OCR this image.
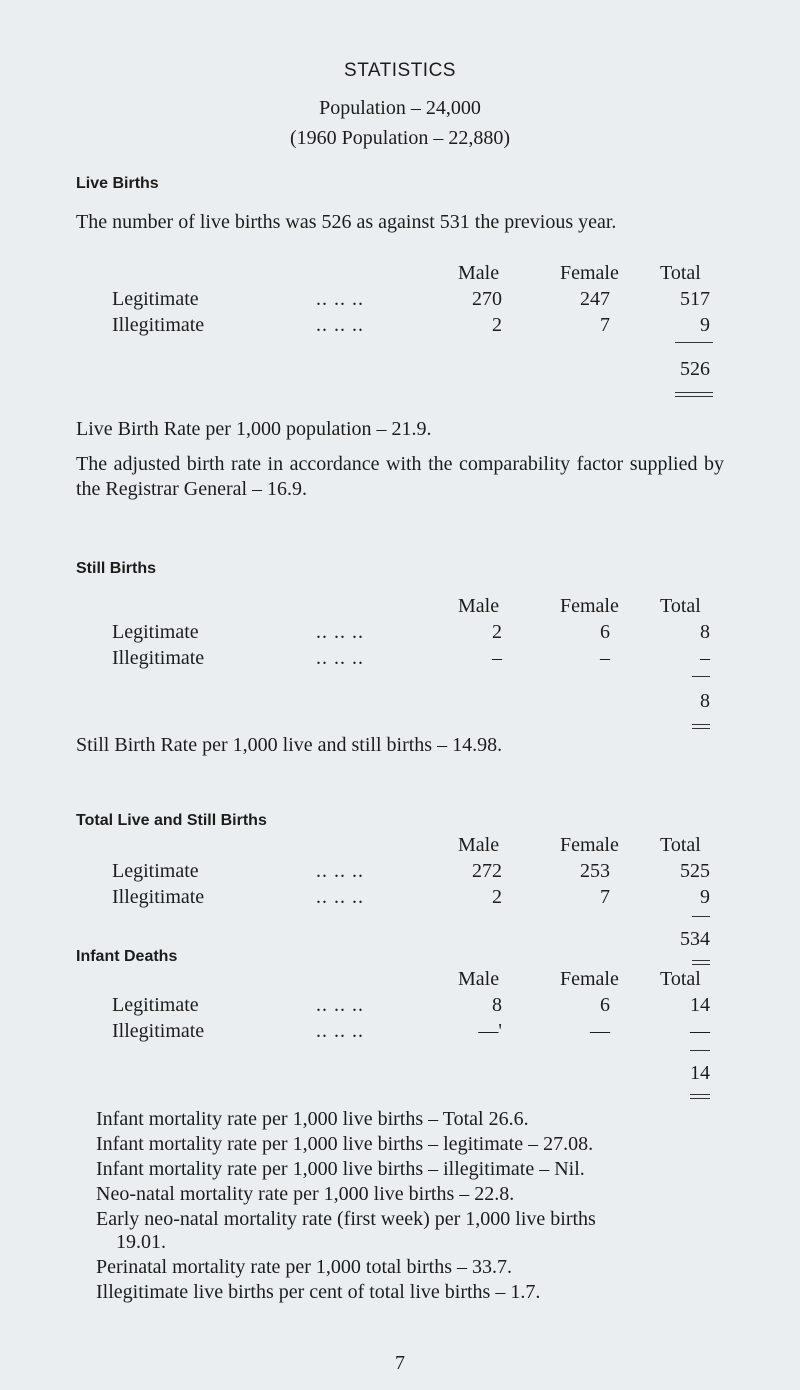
STATISTICS
Population – 24,000
(1960 Population – 22,880)
Live Births
The number of live births was 526 as against 531 the previous year.
Male	Female Total
Legitimate	.. .. ..	270	247	517
Illegitimate	.. .. ..	2	7	9
526
Live Birth Rate per 1,000 population – 21.9.
The adjusted birth rate in accordance with the comparability factor supplied by the Registrar General – 16.9.
Still Births
Male	Female Total
Legitimate	.. .. ..	2	6	8
Illegitimate	.. .. ..	–	–	–
8
Still Birth Rate per 1,000 live and still births – 14.98.
Total Live and Still Births
Male	Female Total
Legitimate	.. .. ..	272	253	525
Illegitimate	.. .. ..	2	7	9
534
Infant Deaths
Male	Female Total
Legitimate	.. .. ..	8	6	14
Illegitimate	.. .. ..	—'	—	—
14
Infant mortality rate per 1,000 live births – Total 26.6.
Infant mortality rate per 1,000 live births – legitimate – 27.08.
Infant mortality rate per 1,000 live births – illegitimate – Nil.
Neo-natal mortality rate per 1,000 live births – 22.8.
Early neo-natal mortality rate (first week) per 1,000 live births
19.01.
Perinatal mortality rate per 1,000 total births – 33.7.
Illegitimate live births per cent of total live births – 1.7.
7
